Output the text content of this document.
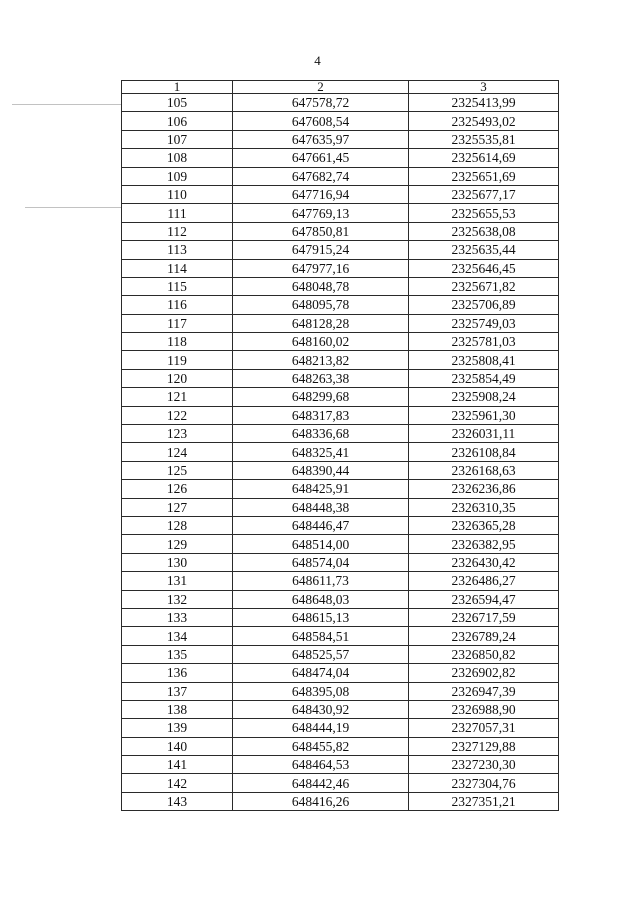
4
1	2	3
105	647578,72	2325413,99
106	647608,54	2325493,02
107	647635,97	2325535,81
108	647661,45	2325614,69
109	647682,74	2325651,69
110	647716,94	2325677,17
111	647769,13	2325655,53
112	647850,81	2325638,08
113	647915,24	2325635,44
114	647977,16	2325646,45
115	648048,78	2325671,82
116	648095,78	2325706,89
117	648128,28	2325749,03
118	648160,02	2325781,03
119	648213,82	2325808,41
120	648263,38	2325854,49
121	648299,68	2325908,24
122	648317,83	2325961,30
123	648336,68	2326031,11
124	648325,41	2326108,84
125	648390,44	2326168,63
126	648425,91	2326236,86
127	648448,38	2326310,35
128	648446,47	2326365,28
129	648514,00	2326382,95
130	648574,04	2326430,42
131	648611,73	2326486,27
132	648648,03	2326594,47
133	648615,13	2326717,59
134	648584,51	2326789,24
135	648525,57	2326850,82
136	648474,04	2326902,82
137	648395,08	2326947,39
138	648430,92	2326988,90
139	648444,19	2327057,31
140	648455,82	2327129,88
141	648464,53	2327230,30
142	648442,46	2327304,76
143	648416,26	2327351,21
